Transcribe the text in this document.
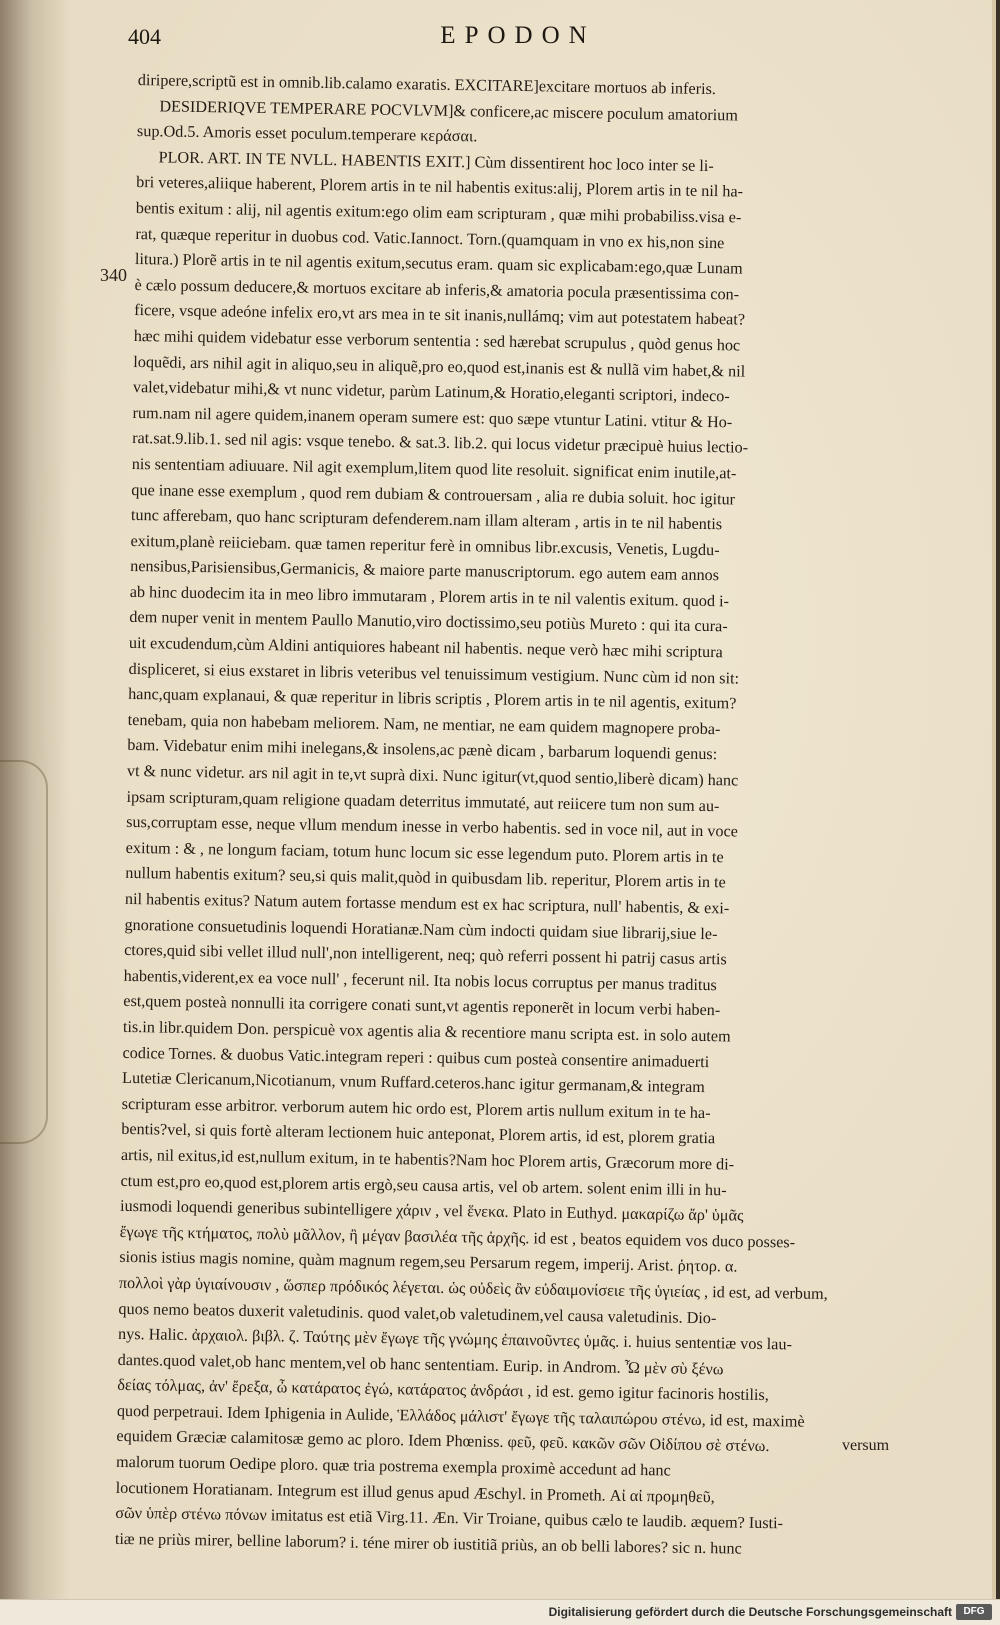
404	EPODON
340
diripere,scriptũ est in omnib.lib.calamo exaratis. EXCITARE]excitare mortuos ab inferis.
DESIDERIQVE TEMPERARE POCVLVM]& conficere,ac miscere poculum amatorium
sup.Od.5. Amoris esset poculum.temperare κεράσαι.
PLOR. ART. IN TE NVLL. HABENTIS EXIT.] Cùm dissentirent hoc loco inter se li-
bri veteres,aliique haberent, Plorem artis in te nil habentis exitus:alij, Plorem artis in te nil ha-
bentis exitum : alij, nil agentis exitum:ego olim eam scripturam , quæ mihi probabiliss.visa e-
rat, quæque reperitur in duobus cod. Vatic.Iannoct. Torn.(quamquam in vno ex his,non sine
litura.) Plorẽ artis in te nil agentis exitum,secutus eram. quam sic explicabam:ego,quæ Lunam
è cælo possum deducere,& mortuos excitare ab inferis,& amatoria pocula præsentissima con-
ficere, vsque adeóne infelix ero,vt ars mea in te sit inanis,nullámq; vim aut potestatem habeat?
hæc mihi quidem videbatur esse verborum sententia : sed hærebat scrupulus , quòd genus hoc
loquẽdi, ars nihil agit in aliquo,seu in aliquẽ,pro eo,quod est,inanis est & nullã vim habet,& nil
valet,videbatur mihi,& vt nunc videtur, parùm Latinum,& Horatio,eleganti scriptori, indeco-
rum.nam nil agere quidem,inanem operam sumere est: quo sæpe vtuntur Latini. vtitur & Ho-
rat.sat.9.lib.1. sed nil agis: vsque tenebo. & sat.3. lib.2. qui locus videtur præcipuè huius lectio-
nis sententiam adiuuare. Nil agit exemplum,litem quod lite resoluit. significat enim inutile,at-
que inane esse exemplum , quod rem dubiam & controuersam , alia re dubia soluit. hoc igitur
tunc afferebam, quo hanc scripturam defenderem.nam illam alteram , artis in te nil habentis
exitum,planè reiiciebam. quæ tamen reperitur ferè in omnibus libr.excusis, Venetis, Lugdu-
nensibus,Parisiensibus,Germanicis, & maiore parte manuscriptorum. ego autem eam annos
ab hinc duodecim ita in meo libro immutaram , Plorem artis in te nil valentis exitum. quod i-
dem nuper venit in mentem Paullo Manutio,viro doctissimo,seu potiùs Mureto : qui ita cura-
uit excudendum,cùm Aldini antiquiores habeant nil habentis. neque verò hæc mihi scriptura
displiceret, si eius exstaret in libris veteribus vel tenuissimum vestigium. Nunc cùm id non sit:
hanc,quam explanaui, & quæ reperitur in libris scriptis , Plorem artis in te nil agentis, exitum?
tenebam, quia non habebam meliorem. Nam, ne mentiar, ne eam quidem magnopere proba-
bam. Videbatur enim mihi inelegans,& insolens,ac pænè dicam , barbarum loquendi genus:
vt & nunc videtur. ars nil agit in te,vt suprà dixi. Nunc igitur(vt,quod sentio,liberè dicam) hanc
ipsam scripturam,quam religione quadam deterritus immutaté, aut reiicere tum non sum au-
sus,corruptam esse, neque vllum mendum inesse in verbo habentis. sed in voce nil, aut in voce
exitum : & , ne longum faciam, totum hunc locum sic esse legendum puto. Plorem artis in te
nullum habentis exitum? seu,si quis malit,quòd in quibusdam lib. reperitur, Plorem artis in te
nil habentis exitus? Natum autem fortasse mendum est ex hac scriptura, null' habentis, & exi-
gnoratione consuetudinis loquendi Horatianæ.Nam cùm indocti quidam siue librarij,siue le-
ctores,quid sibi vellet illud null',non intelligerent, neq; quò referri possent hi patrij casus artis
habentis,viderent,ex ea voce null' , fecerunt nil. Ita nobis locus corruptus per manus traditus
est,quem posteà nonnulli ita corrigere conati sunt,vt agentis reponerẽt in locum verbi haben-
tis.in libr.quidem Don. perspicuè vox agentis alia & recentiore manu scripta est. in solo autem
codice Tornes. & duobus Vatic.integram reperi : quibus cum posteà consentire animaduerti
Lutetiæ Clericanum,Nicotianum, vnum Ruffard.ceteros.hanc igitur germanam,& integram
scripturam esse arbitror. verborum autem hic ordo est, Plorem artis nullum exitum in te ha-
bentis?vel, si quis fortè alteram lectionem huic anteponat, Plorem artis, id est, plorem gratia
artis, nil exitus,id est,nullum exitum, in te habentis?Nam hoc Plorem artis, Græcorum more di-
ctum est,pro eo,quod est,plorem artis ergò,seu causa artis, vel ob artem. solent enim illi in hu-
iusmodi loquendi generibus subintelligere χάριν , vel ἕνεκα. Plato in Euthyd. μακαρίζω ἄρ' ὑμᾶς
ἔγωγε τῆς κτήματος, πολὺ μᾶλλον, ἢ μέγαν βασιλέα τῆς ἀρχῆς. id est , beatos equidem vos duco posses-
sionis istius magis nomine, quàm magnum regem,seu Persarum regem, imperij. Arist. ῥητορ. α.
πολλοὶ γὰρ ὑγιαίνουσιν , ὥσπερ πρόδικός λέγεται. ὡς οὐδεὶς ἂν εὐδαιμονίσειε τῆς ὑγιείας , id est, ad verbum,
quos nemo beatos duxerit valetudinis. quod valet,ob valetudinem,vel causa valetudinis. Dio-
nys. Halic. ἀρχαιολ. βιβλ. ζ. Ταύτης μὲν ἔγωγε τῆς γνώμης ἐπαινοῦντες ὑμᾶς. i. huius sententiæ vos lau-
dantes.quod valet,ob hanc mentem,vel ob hanc sententiam. Eurip. in Androm. Ὦ μὲν σὺ ξένω
δείας τόλμας, ἀν' ἔρεξα, ὦ κατάρατος ἐγώ, κατάρατος ἀνδράσι , id est. gemo igitur facinoris hostilis,
quod perpetraui. Idem Iphigenia in Aulide, Ἑλλάδος μάλιστ' ἔγωγε τῆς ταλαιπώρου στένω, id est, maximè
equidem Græciæ calamitosæ gemo ac ploro. Idem Phœniss. φεῦ, φεῦ. κακῶν σῶν Οἰδίπου σὲ στένω.
malorum tuorum Oedipe ploro. quæ tria postrema exempla proximè accedunt ad hanc
locutionem Horatianam. Integrum est illud genus apud Æschyl. in Prometh. Αἰ αἰ προμηθεῦ,
σῶν ὑπὲρ στένω πόνων imitatus est etiã Virg.11. Æn. Vir Troiane, quibus cælo te laudib. æquem? Iusti-
tiæ ne priùs mirer, belline laborum? i. téne mirer ob iustitiã priùs, an ob belli labores? sic n. hunc
versum
Digitalisierung gefördert durch die Deutsche Forschungsgemeinschaft	DFG
